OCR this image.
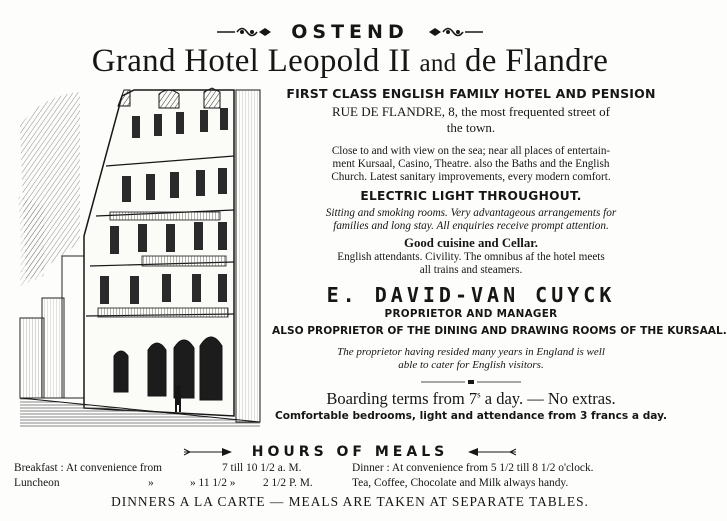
OSTEND
Grand Hotel Leopold II and de Flandre
FIRST CLASS ENGLISH FAMILY HOTEL AND PENSION
RUE DE FLANDRE, 8, the most frequented street of
the town.
Close to and with view on the sea; near all places of entertain-
ment Kursaal, Casino, Theatre. also the Baths and the English
Church. Latest sanitary improvements, every modern comfort.
ELECTRIC LIGHT THROUGHOUT.
Sitting and smoking rooms. Very advantageous arrangements for
families and long stay. All enquiries receive prompt attention.
Good cuisine and Cellar.
English attendants. Civility. The omnibus af the hotel meets
all trains and steamers.
E. DAVID-VAN CUYCK
PROPRIETOR AND MANAGER
ALSO PROPRIETOR OF THE DINING AND DRAWING ROOMS OF THE KURSAAL.
The proprietor having resided many years in England is well
able to cater for English visitors.
Boarding terms from 7$^s$ a day. — No extras.
Comfortable bedrooms, light and attendance from 3 francs a day.
HOURS OF MEALS
Breakfast : At convenience from	7 till 10 1/2 a. M.	Dinner : At convenience from 5 1/2 till 8 1/2 o'clock.
Luncheon	»	» 11 1/2 » 2 1/2 P. M.	Tea, Coffee, Chocolate and Milk always handy.
DINNERS A LA CARTE — MEALS ARE TAKEN AT SEPARATE TABLES.
